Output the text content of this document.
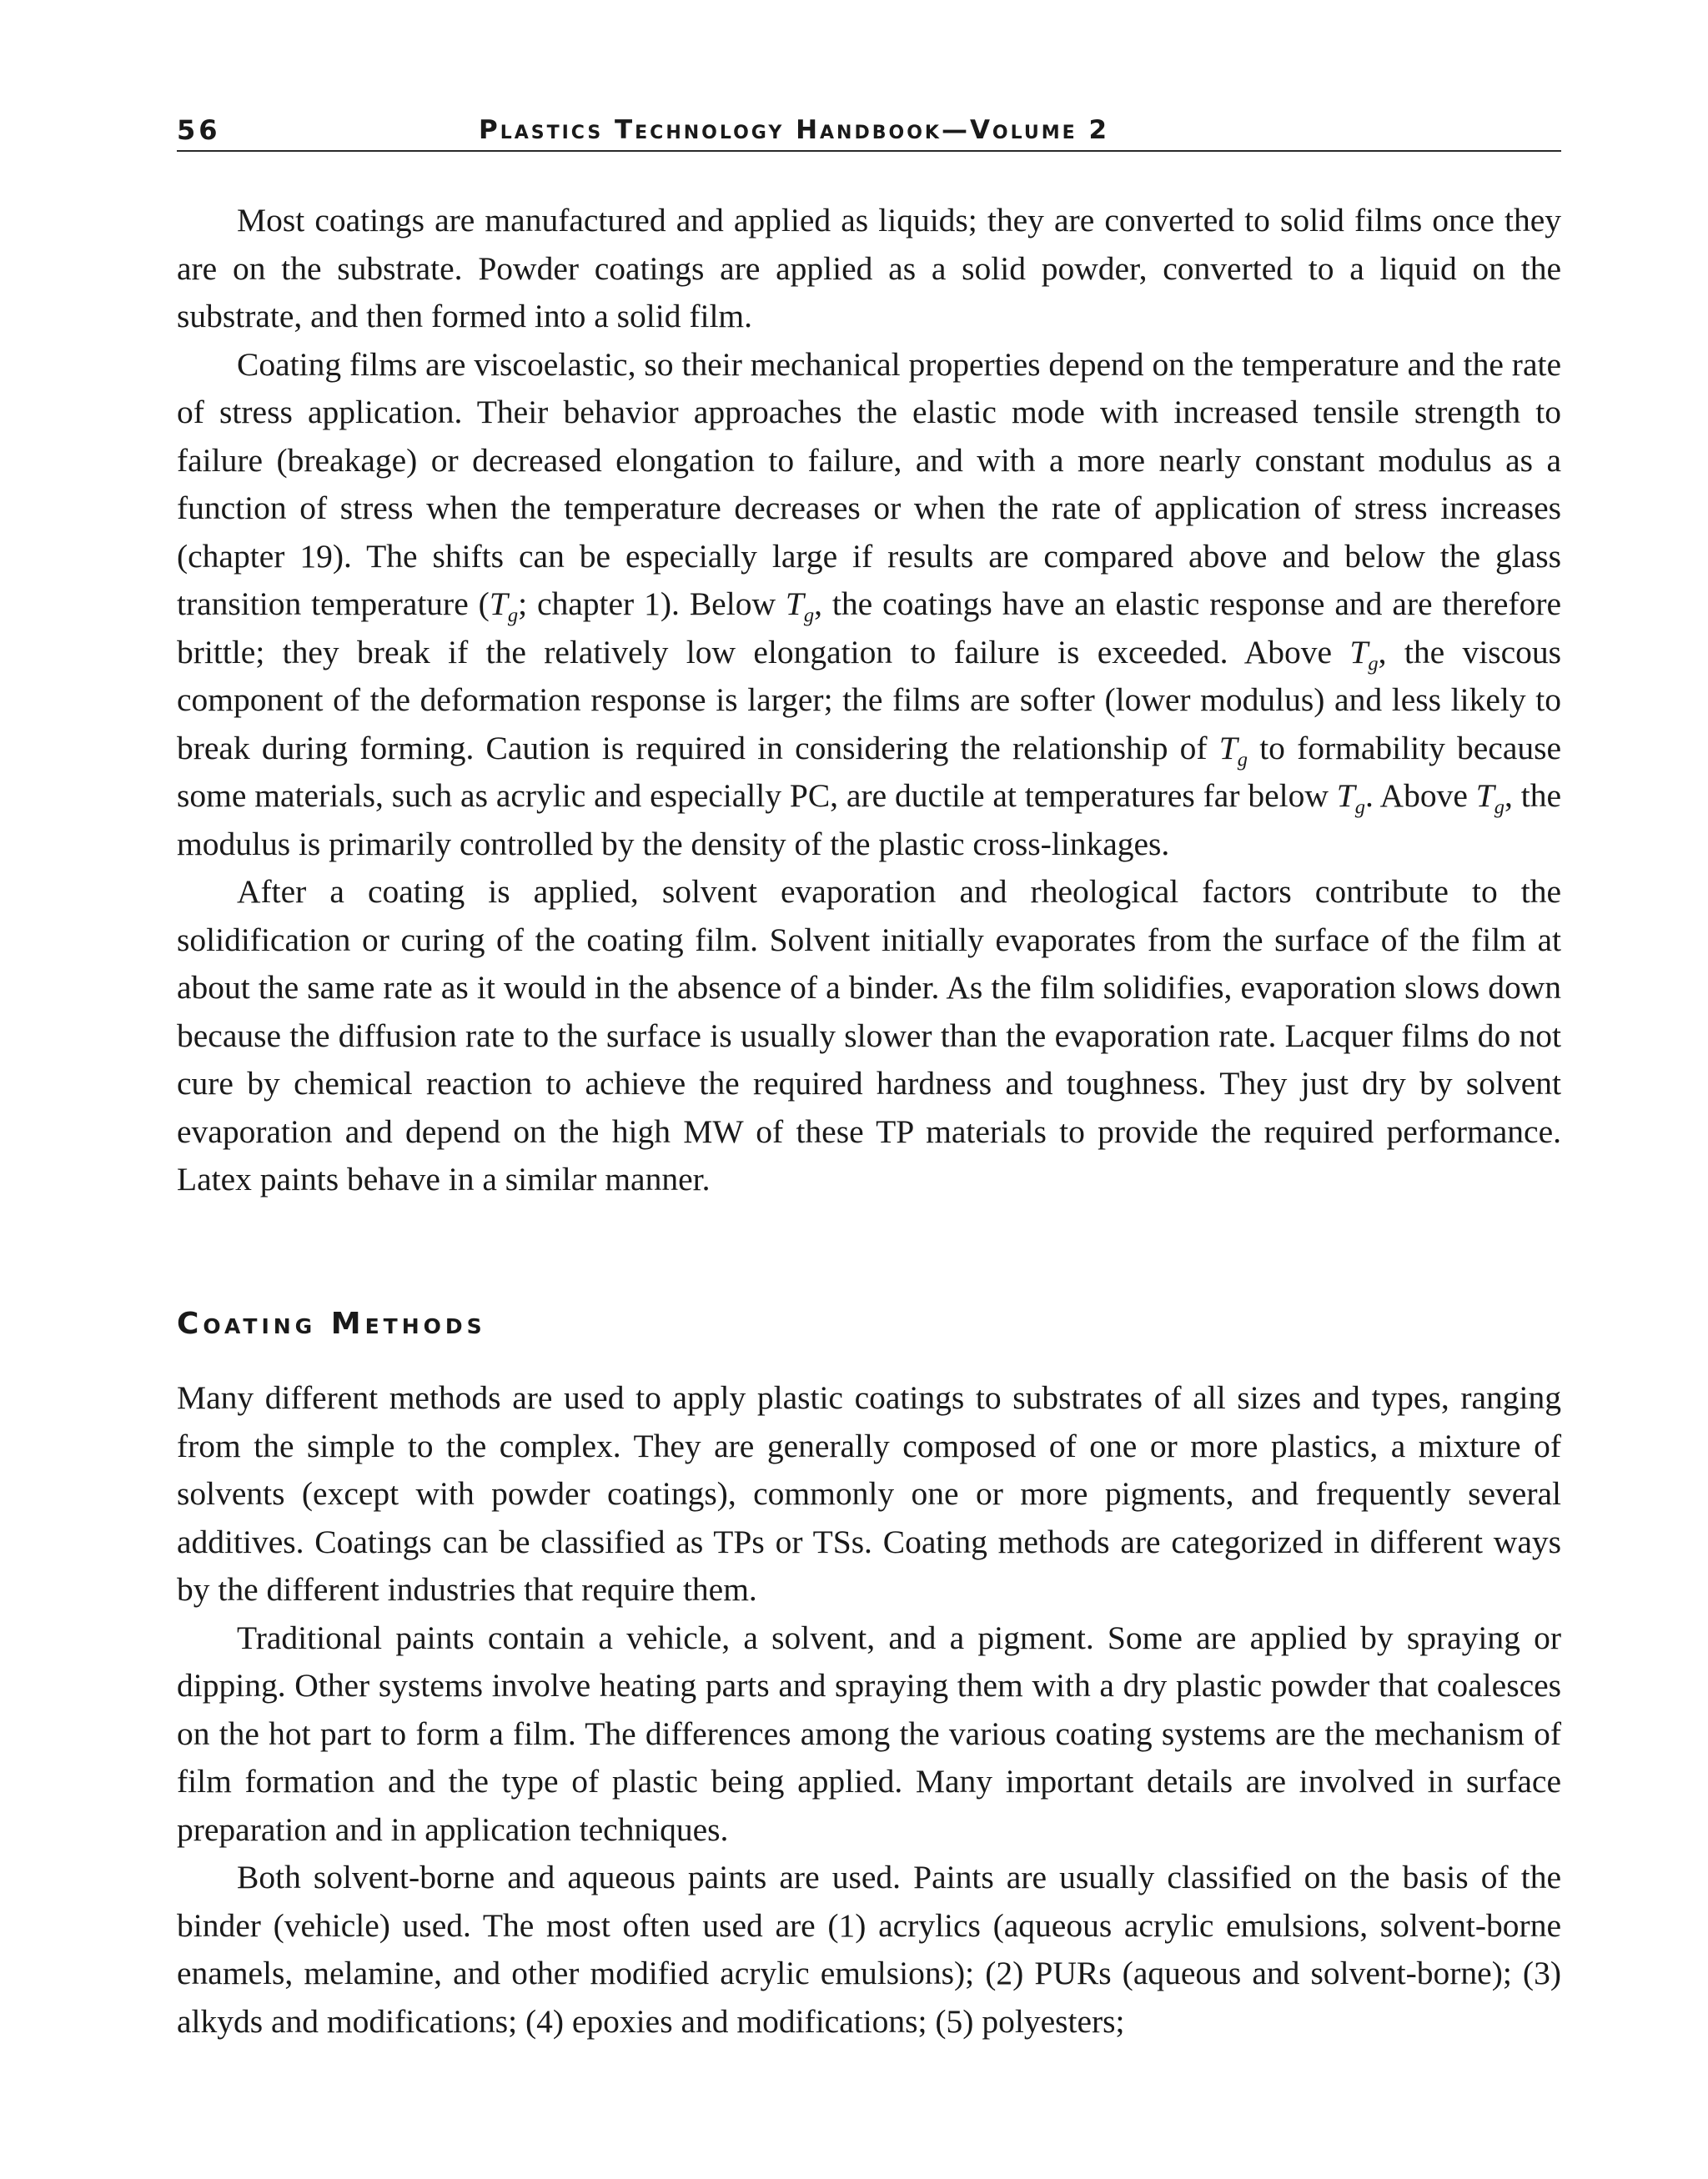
56	Plastics Technology Handbook—Volume 2

Most coatings are manufactured and applied as liquids; they are converted to solid films once they are on the substrate. Powder coatings are applied as a solid powder, converted to a liquid on the substrate, and then formed into a solid film.

Coating films are viscoelastic, so their mechanical properties depend on the temperature and the rate of stress application. Their behavior approaches the elastic mode with increased tensile strength to failure (breakage) or decreased elongation to failure, and with a more nearly constant modulus as a function of stress when the temperature decreases or when the rate of application of stress increases (chapter 19). The shifts can be especially large if results are compared above and below the glass transition temperature ($T_g$; chapter 1). Below $T_g$, the coatings have an elastic response and are therefore brittle; they break if the relatively low elongation to failure is exceeded. Above $T_g$, the viscous component of the deformation response is larger; the films are softer (lower modulus) and less likely to break during forming. Caution is required in considering the relationship of $T_g$ to formability because some materials, such as acrylic and especially PC, are ductile at temperatures far below $T_g$. Above $T_g$, the modulus is primarily controlled by the density of the plastic cross-linkages.

After a coating is applied, solvent evaporation and rheological factors contribute to the solidification or curing of the coating film. Solvent initially evaporates from the surface of the film at about the same rate as it would in the absence of a binder. As the film solidifies, evaporation slows down because the diffusion rate to the surface is usually slower than the evaporation rate. Lacquer films do not cure by chemical reaction to achieve the required hardness and toughness. They just dry by solvent evaporation and depend on the high MW of these TP materials to provide the required performance. Latex paints behave in a similar manner.

Coating Methods

Many different methods are used to apply plastic coatings to substrates of all sizes and types, ranging from the simple to the complex. They are generally composed of one or more plastics, a mixture of solvents (except with powder coatings), commonly one or more pigments, and frequently several additives. Coatings can be classified as TPs or TSs. Coating methods are categorized in different ways by the different industries that require them.

Traditional paints contain a vehicle, a solvent, and a pigment. Some are applied by spraying or dipping. Other systems involve heating parts and spraying them with a dry plastic powder that coalesces on the hot part to form a film. The differences among the various coating systems are the mechanism of film formation and the type of plastic being applied. Many important details are involved in surface preparation and in application techniques.

Both solvent-borne and aqueous paints are used. Paints are usually classified on the basis of the binder (vehicle) used. The most often used are (1) acrylics (aqueous acrylic emulsions, solvent-borne enamels, melamine, and other modified acrylic emulsions); (2) PURs (aqueous and solvent-borne); (3) alkyds and modifications; (4) epoxies and modifications; (5) polyesters;
